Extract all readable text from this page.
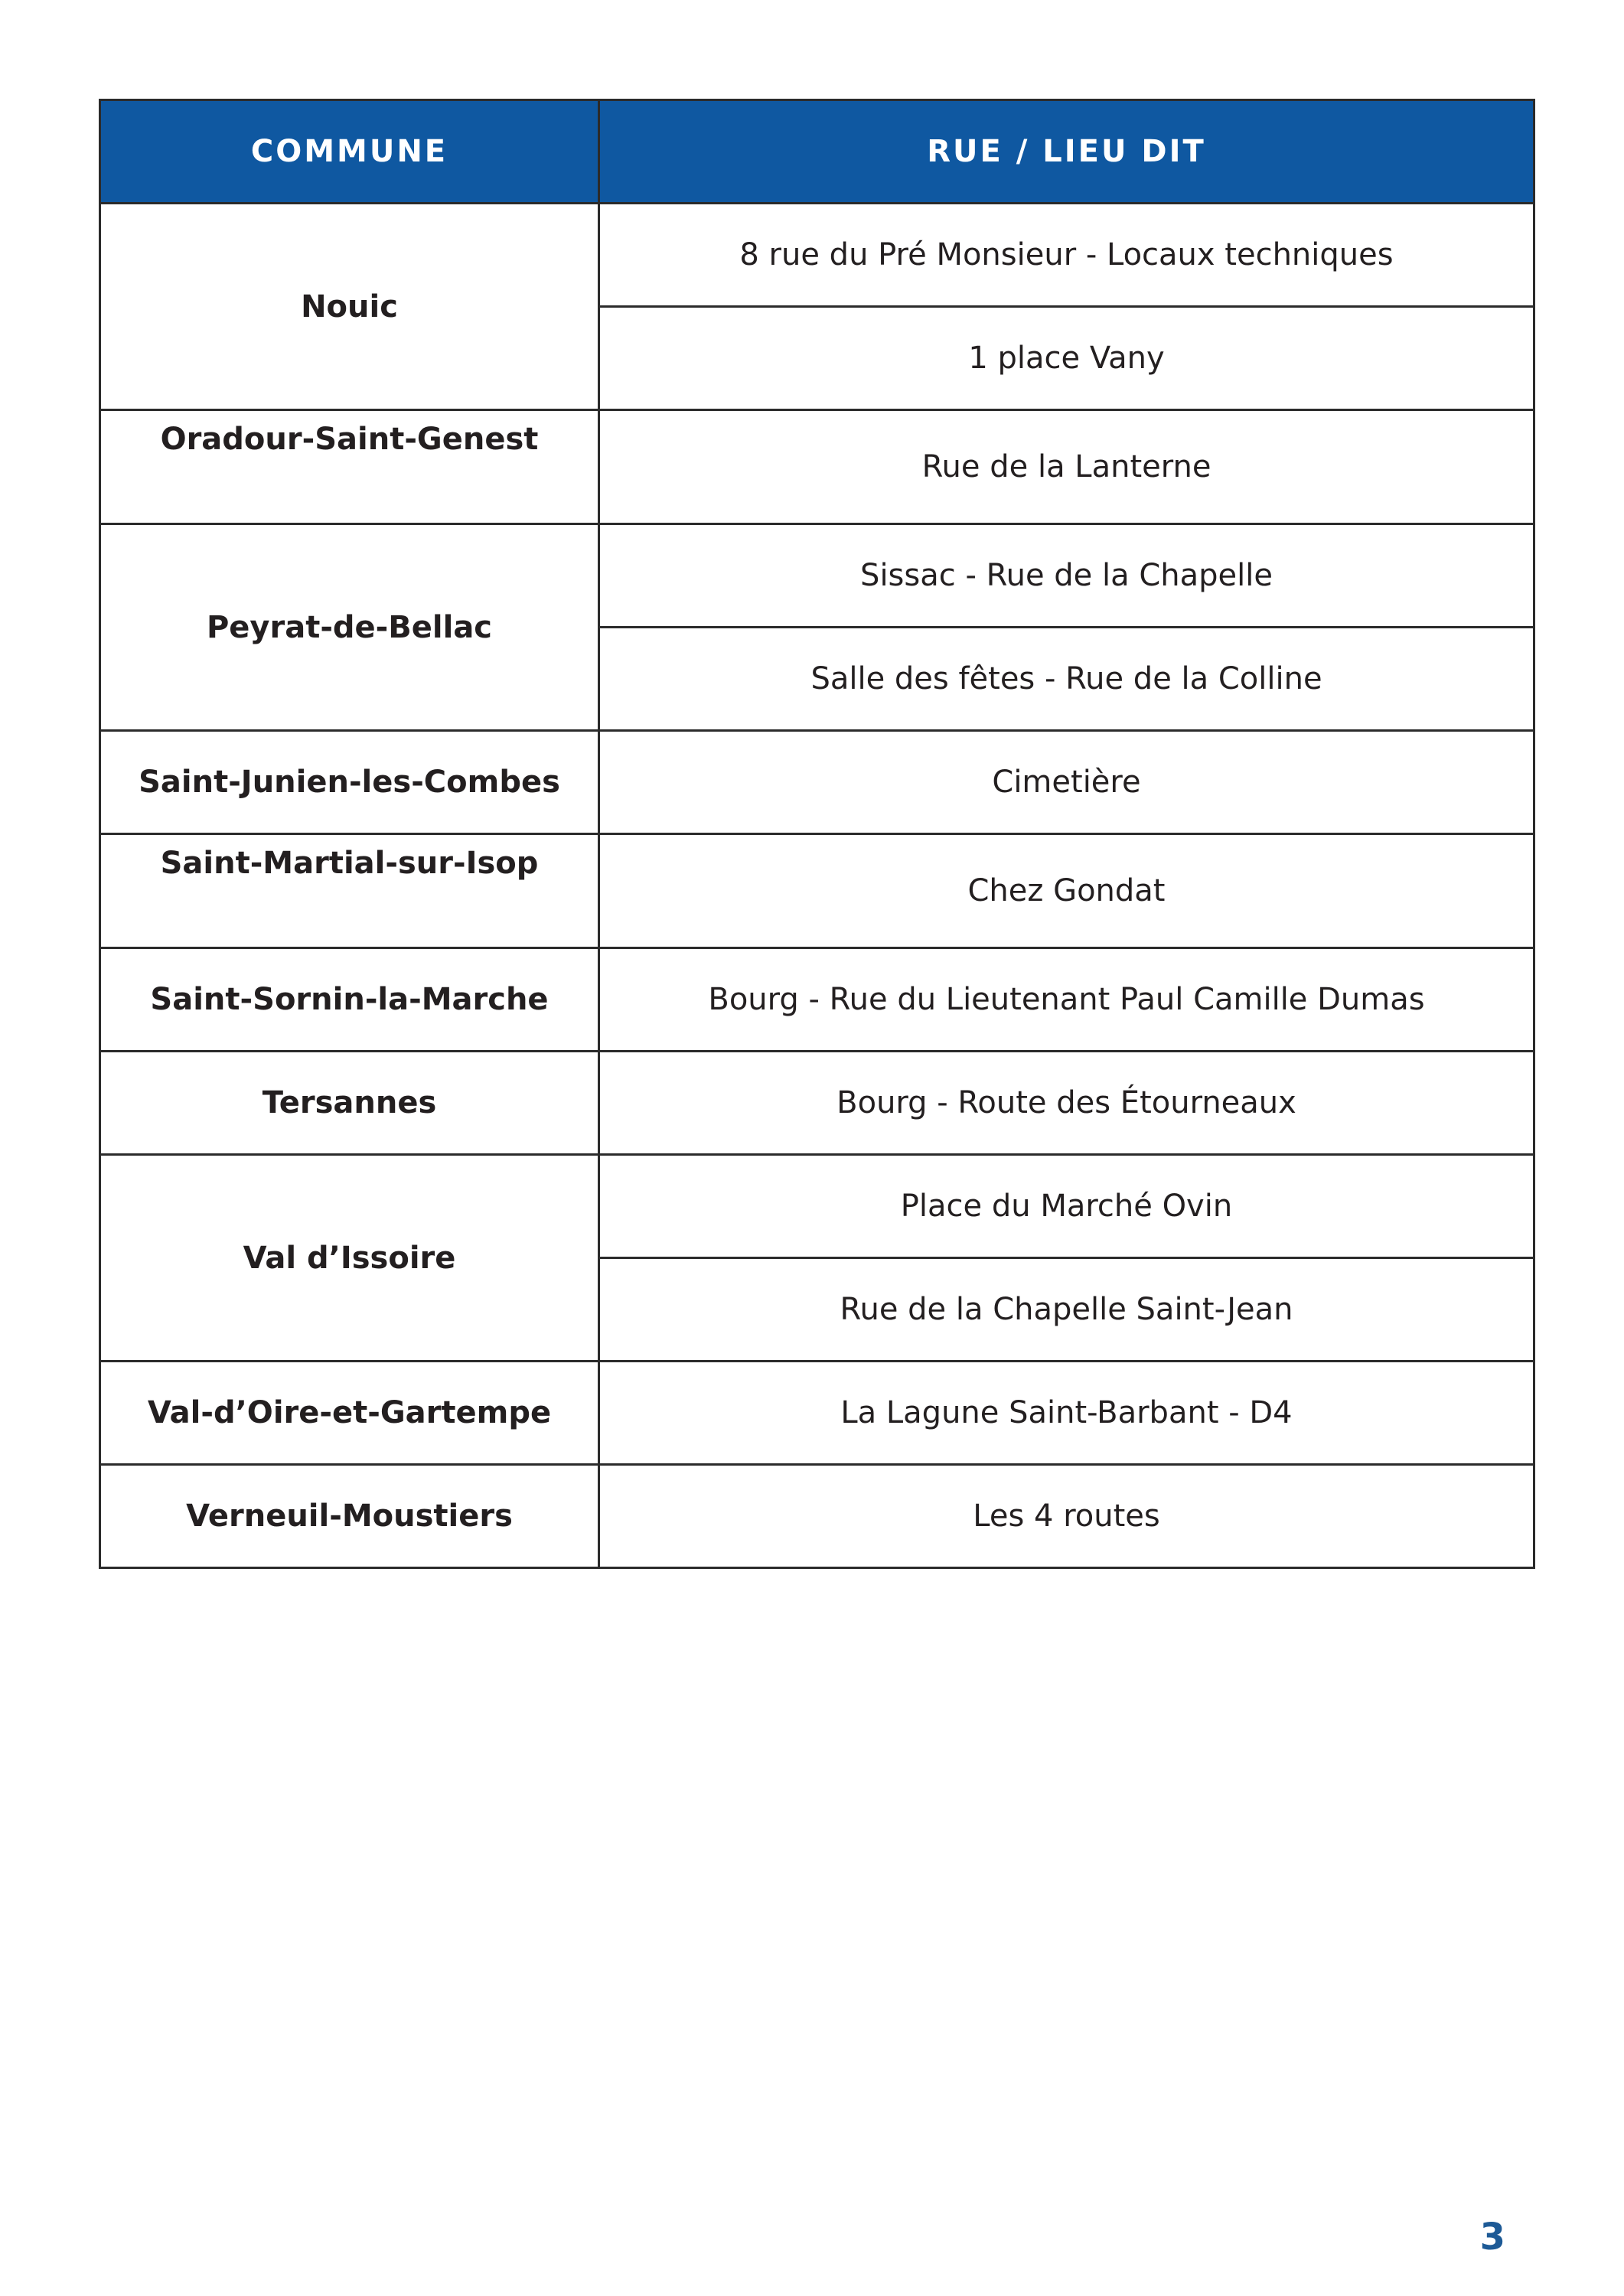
COMMUNE	RUE / LIEU DIT
Nouic	8 rue du Pré Monsieur - Locaux techniques
	1 place Vany
Oradour-Saint-Genest	Rue de la Lanterne
Peyrat-de-Bellac	Sissac - Rue de la Chapelle
	Salle des fêtes - Rue de la Colline
Saint-Junien-les-Combes	Cimetière
Saint-Martial-sur-Isop	Chez Gondat
Saint-Sornin-la-Marche	Bourg - Rue du Lieutenant Paul Camille Dumas
Tersannes	Bourg - Route des Étourneaux
Val d’Issoire	Place du Marché Ovin
	Rue de la Chapelle Saint-Jean
Val-d’Oire-et-Gartempe	La Lagune Saint-Barbant - D4
Verneuil-Moustiers	Les 4 routes
3
